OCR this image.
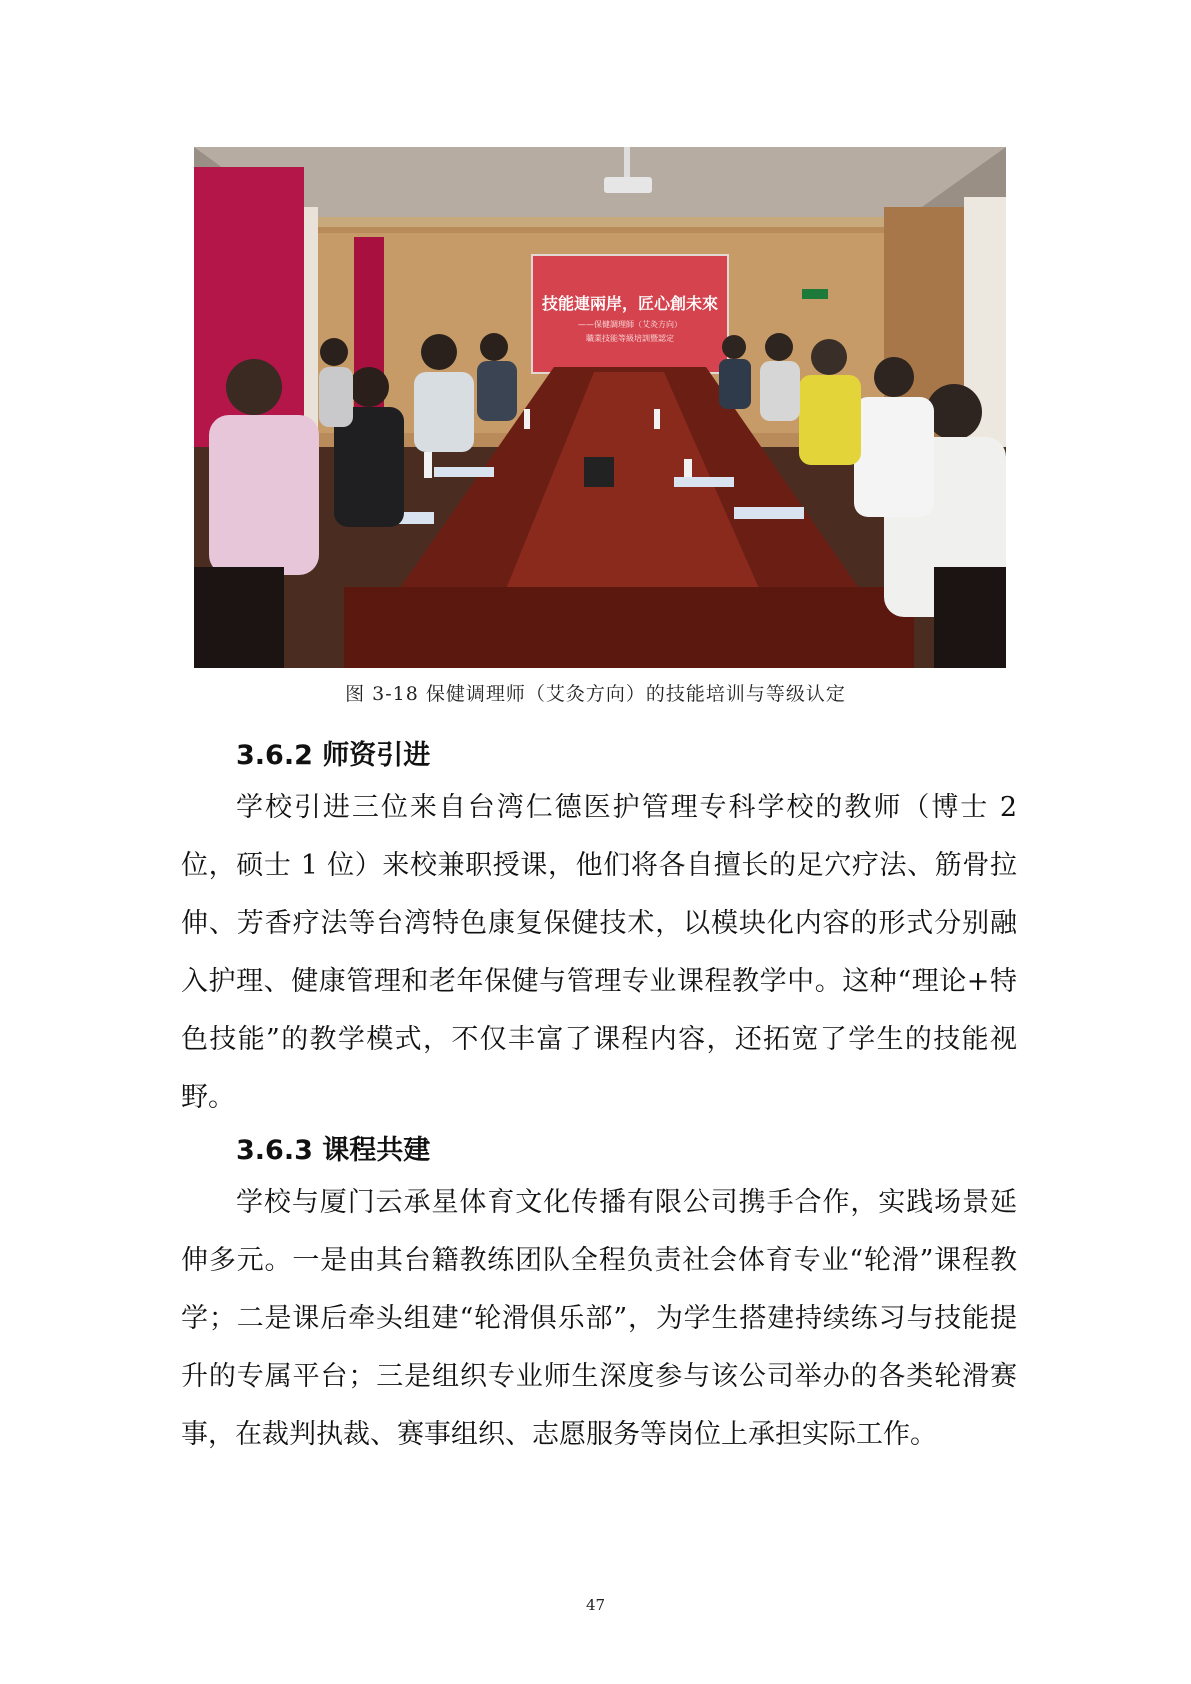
技能連兩岸，匠心創未來
——保健調理師（艾灸方向）
職業技能等級培訓暨認定
图 3-18 保健调理师（艾灸方向）的技能培训与等级认定
3.6.2 师资引进
学校引进三位来自台湾仁德医护管理专科学校的教师（博士 2 位，硕士 1 位）来校兼职授课，他们将各自擅长的足穴疗法、筋骨拉伸、芳香疗法等台湾特色康复保健技术，以模块化内容的形式分别融入护理、健康管理和老年保健与管理专业课程教学中。这种“理论+特色技能”的教学模式，不仅丰富了课程内容，还拓宽了学生的技能视野。
3.6.3 课程共建
学校与厦门云承星体育文化传播有限公司携手合作，实践场景延伸多元。一是由其台籍教练团队全程负责社会体育专业“轮滑”课程教学；二是课后牵头组建“轮滑俱乐部”，为学生搭建持续练习与技能提升的专属平台；三是组织专业师生深度参与该公司举办的各类轮滑赛事，在裁判执裁、赛事组织、志愿服务等岗位上承担实际工作。
47
